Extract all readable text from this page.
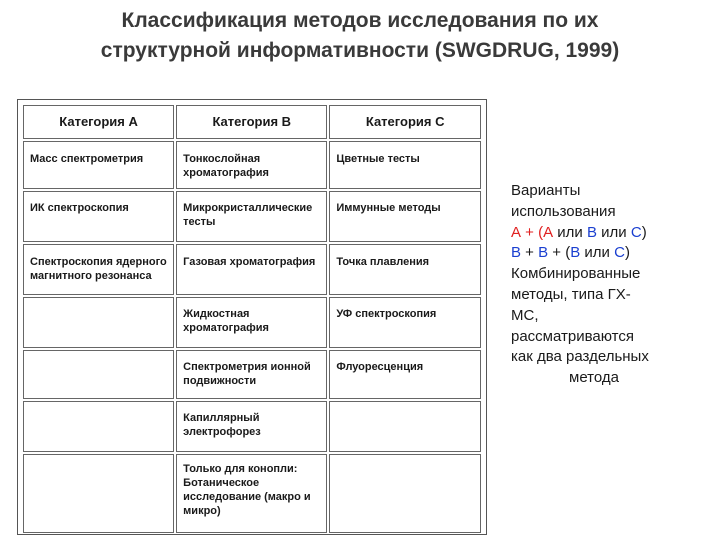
Классификация методов исследования по их
структурной информативности (SWGDRUG, 1999)
Категория А	Категория В	Категория С
Масс спектрометрия	Тонкослойная хроматография	Цветные тесты
ИК спектроскопия	Микрокристаллические тесты	Иммунные методы
Спектроскопия ядерного магнитного резонанса	Газовая хроматография	Точка плавления
	Жидкостная хроматография	УФ спектроскопия
	Спектрометрия ионной подвижности	Флуоресценция
	Капиллярный электрофорез	
	Только для конопли: Ботаническое исследование (макро и микро)	
Варианты
использования
А + (А или В или С)
В + В + (В или С)
Комбинированные
методы, типа ГХ-
МС,
рассматриваются
как два раздельных
метода
